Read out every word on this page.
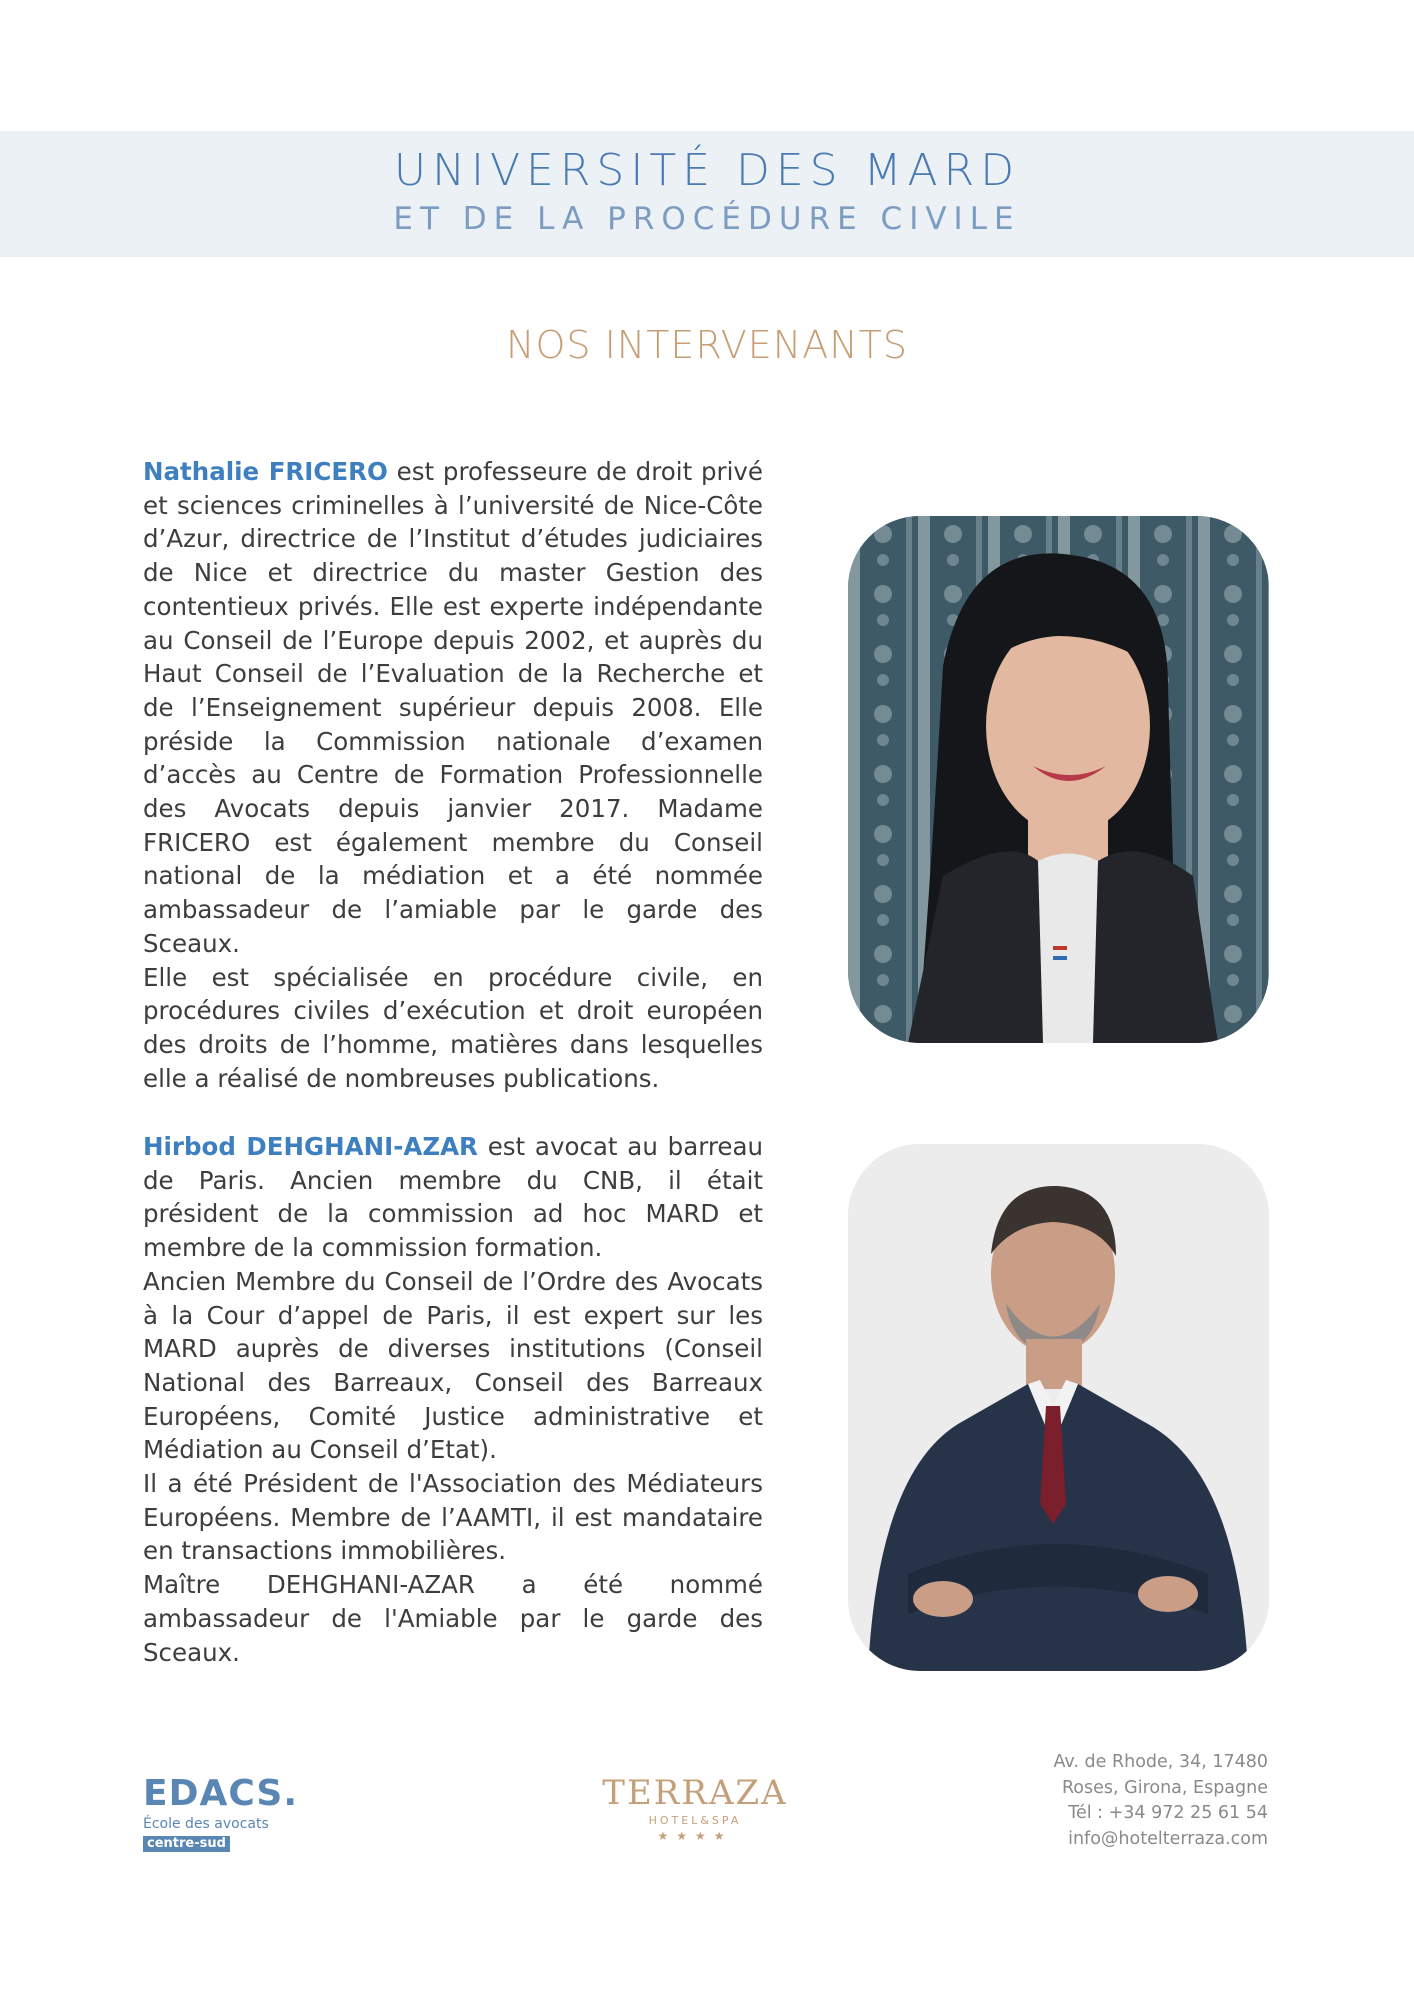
UNIVERSITÉ DES MARD
ET DE LA PROCÉDURE CIVILE
NOS INTERVENANTS

Nathalie FRICERO est professeure de droit privé et sciences criminelles à l’université de Nice-Côte d’Azur, directrice de l’Institut d’études judiciaires de Nice et directrice du master Gestion des contentieux privés. Elle est experte indépendante au Conseil de l’Europe depuis 2002, et auprès du Haut Conseil de l’Evaluation de la Recherche et de l’Enseignement supérieur depuis 2008. Elle préside la Commission nationale d’examen d’accès au Centre de Formation Professionnelle des Avocats depuis janvier 2017. Madame FRICERO est également membre du Conseil national de la médiation et a été nommée ambassadeur de l’amiable par le garde des Sceaux.

Elle est spécialisée en procédure civile, en procédures civiles d’exécution et droit européen des droits de l’homme, matières dans lesquelles elle a réalisé de nombreuses publications.

Hirbod DEHGHANI-AZAR est avocat au barreau de Paris. Ancien membre du CNB, il était président de la commission ad hoc MARD et membre de la commission formation.

Ancien Membre du Conseil de l’Ordre des Avocats à la Cour d’appel de Paris, il est expert sur les MARD auprès de diverses institutions (Conseil National des Barreaux, Conseil des Barreaux Européens, Comité Justice administrative et Médiation au Conseil d’Etat).

Il a été Président de l'Association des Médiateurs Européens. Membre de l’AAMTI, il est mandataire en transactions immobilières.

Maître DEHGHANI-AZAR a été nommé ambassadeur de l'Amiable par le garde des Sceaux.

EDACS.
École des avocats
centre-sud
TERRAZA
HOTEL&SPA
★★★★
Av. de Rhode, 34, 17480
Roses, Girona, Espagne
Tél : +34 972 25 61 54
info@hotelterraza.com
